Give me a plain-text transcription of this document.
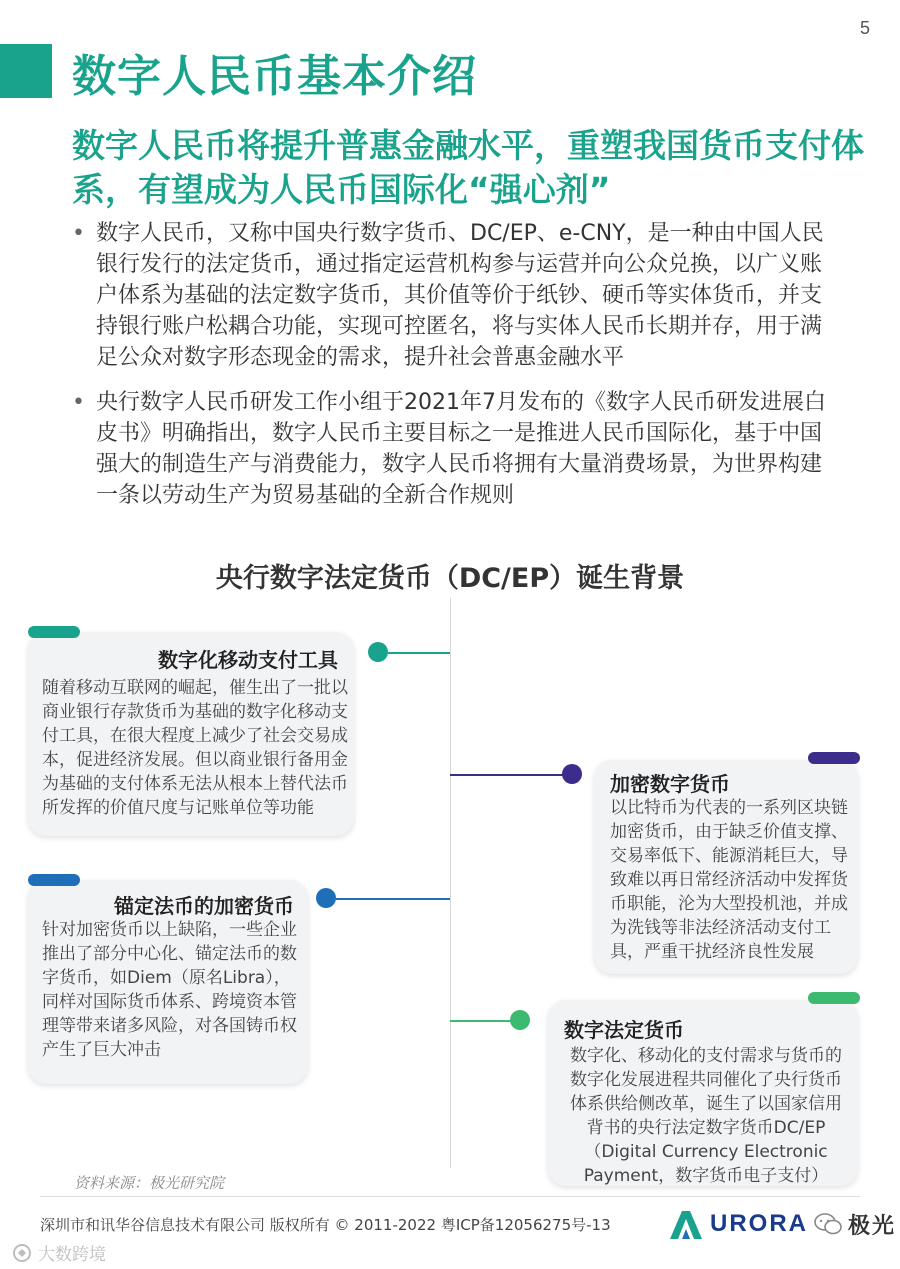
5
数字人民币基本介绍
数字人民币将提升普惠金融水平，重塑我国货币支付体系，有望成为人民币国际化“强心剂”
• 数字人民币，又称中国央行数字货币、DC/EP、e-CNY，是一种由中国人民银行发行的法定货币，通过指定运营机构参与运营并向公众兑换，以广义账户体系为基础的法定数字货币，其价值等价于纸钞、硬币等实体货币，并支持银行账户松耦合功能，实现可控匿名，将与实体人民币长期并存，用于满足公众对数字形态现金的需求，提升社会普惠金融水平
• 央行数字人民币研发工作小组于2021年7月发布的《数字人民币研发进展白皮书》明确指出，数字人民币主要目标之一是推进人民币国际化，基于中国强大的制造生产与消费能力，数字人民币将拥有大量消费场景，为世界构建一条以劳动生产为贸易基础的全新合作规则
央行数字法定货币（DC/EP）诞生背景
数字化移动支付工具
随着移动互联网的崛起，催生出了一批以商业银行存款货币为基础的数字化移动支付工具，在很大程度上减少了社会交易成本，促进经济发展。但以商业银行备用金为基础的支付体系无法从根本上替代法币所发挥的价值尺度与记账单位等功能
加密数字货币
以比特币为代表的一系列区块链加密货币，由于缺乏价值支撑、交易率低下、能源消耗巨大，导致难以再日常经济活动中发挥货币职能，沦为大型投机池，并成为洗钱等非法经济活动支付工具，严重干扰经济良性发展
锚定法币的加密货币
针对加密货币以上缺陷，一些企业推出了部分中心化、锚定法币的数字货币，如Diem（原名Libra），同样对国际货币体系、跨境资本管理等带来诸多风险，对各国铸币权产生了巨大冲击
数字法定货币
数字化、移动化的支付需求与货币的数字化发展进程共同催化了央行货币体系供给侧改革，诞生了以国家信用背书的央行法定数字货币DC/EP（Digital Currency Electronic Payment，数字货币电子支付）
资料来源：极光研究院
深圳市和讯华谷信息技术有限公司 版权所有 © 2011-2022 粤ICP备12056275号-13	URORA 极光
大数跨境
